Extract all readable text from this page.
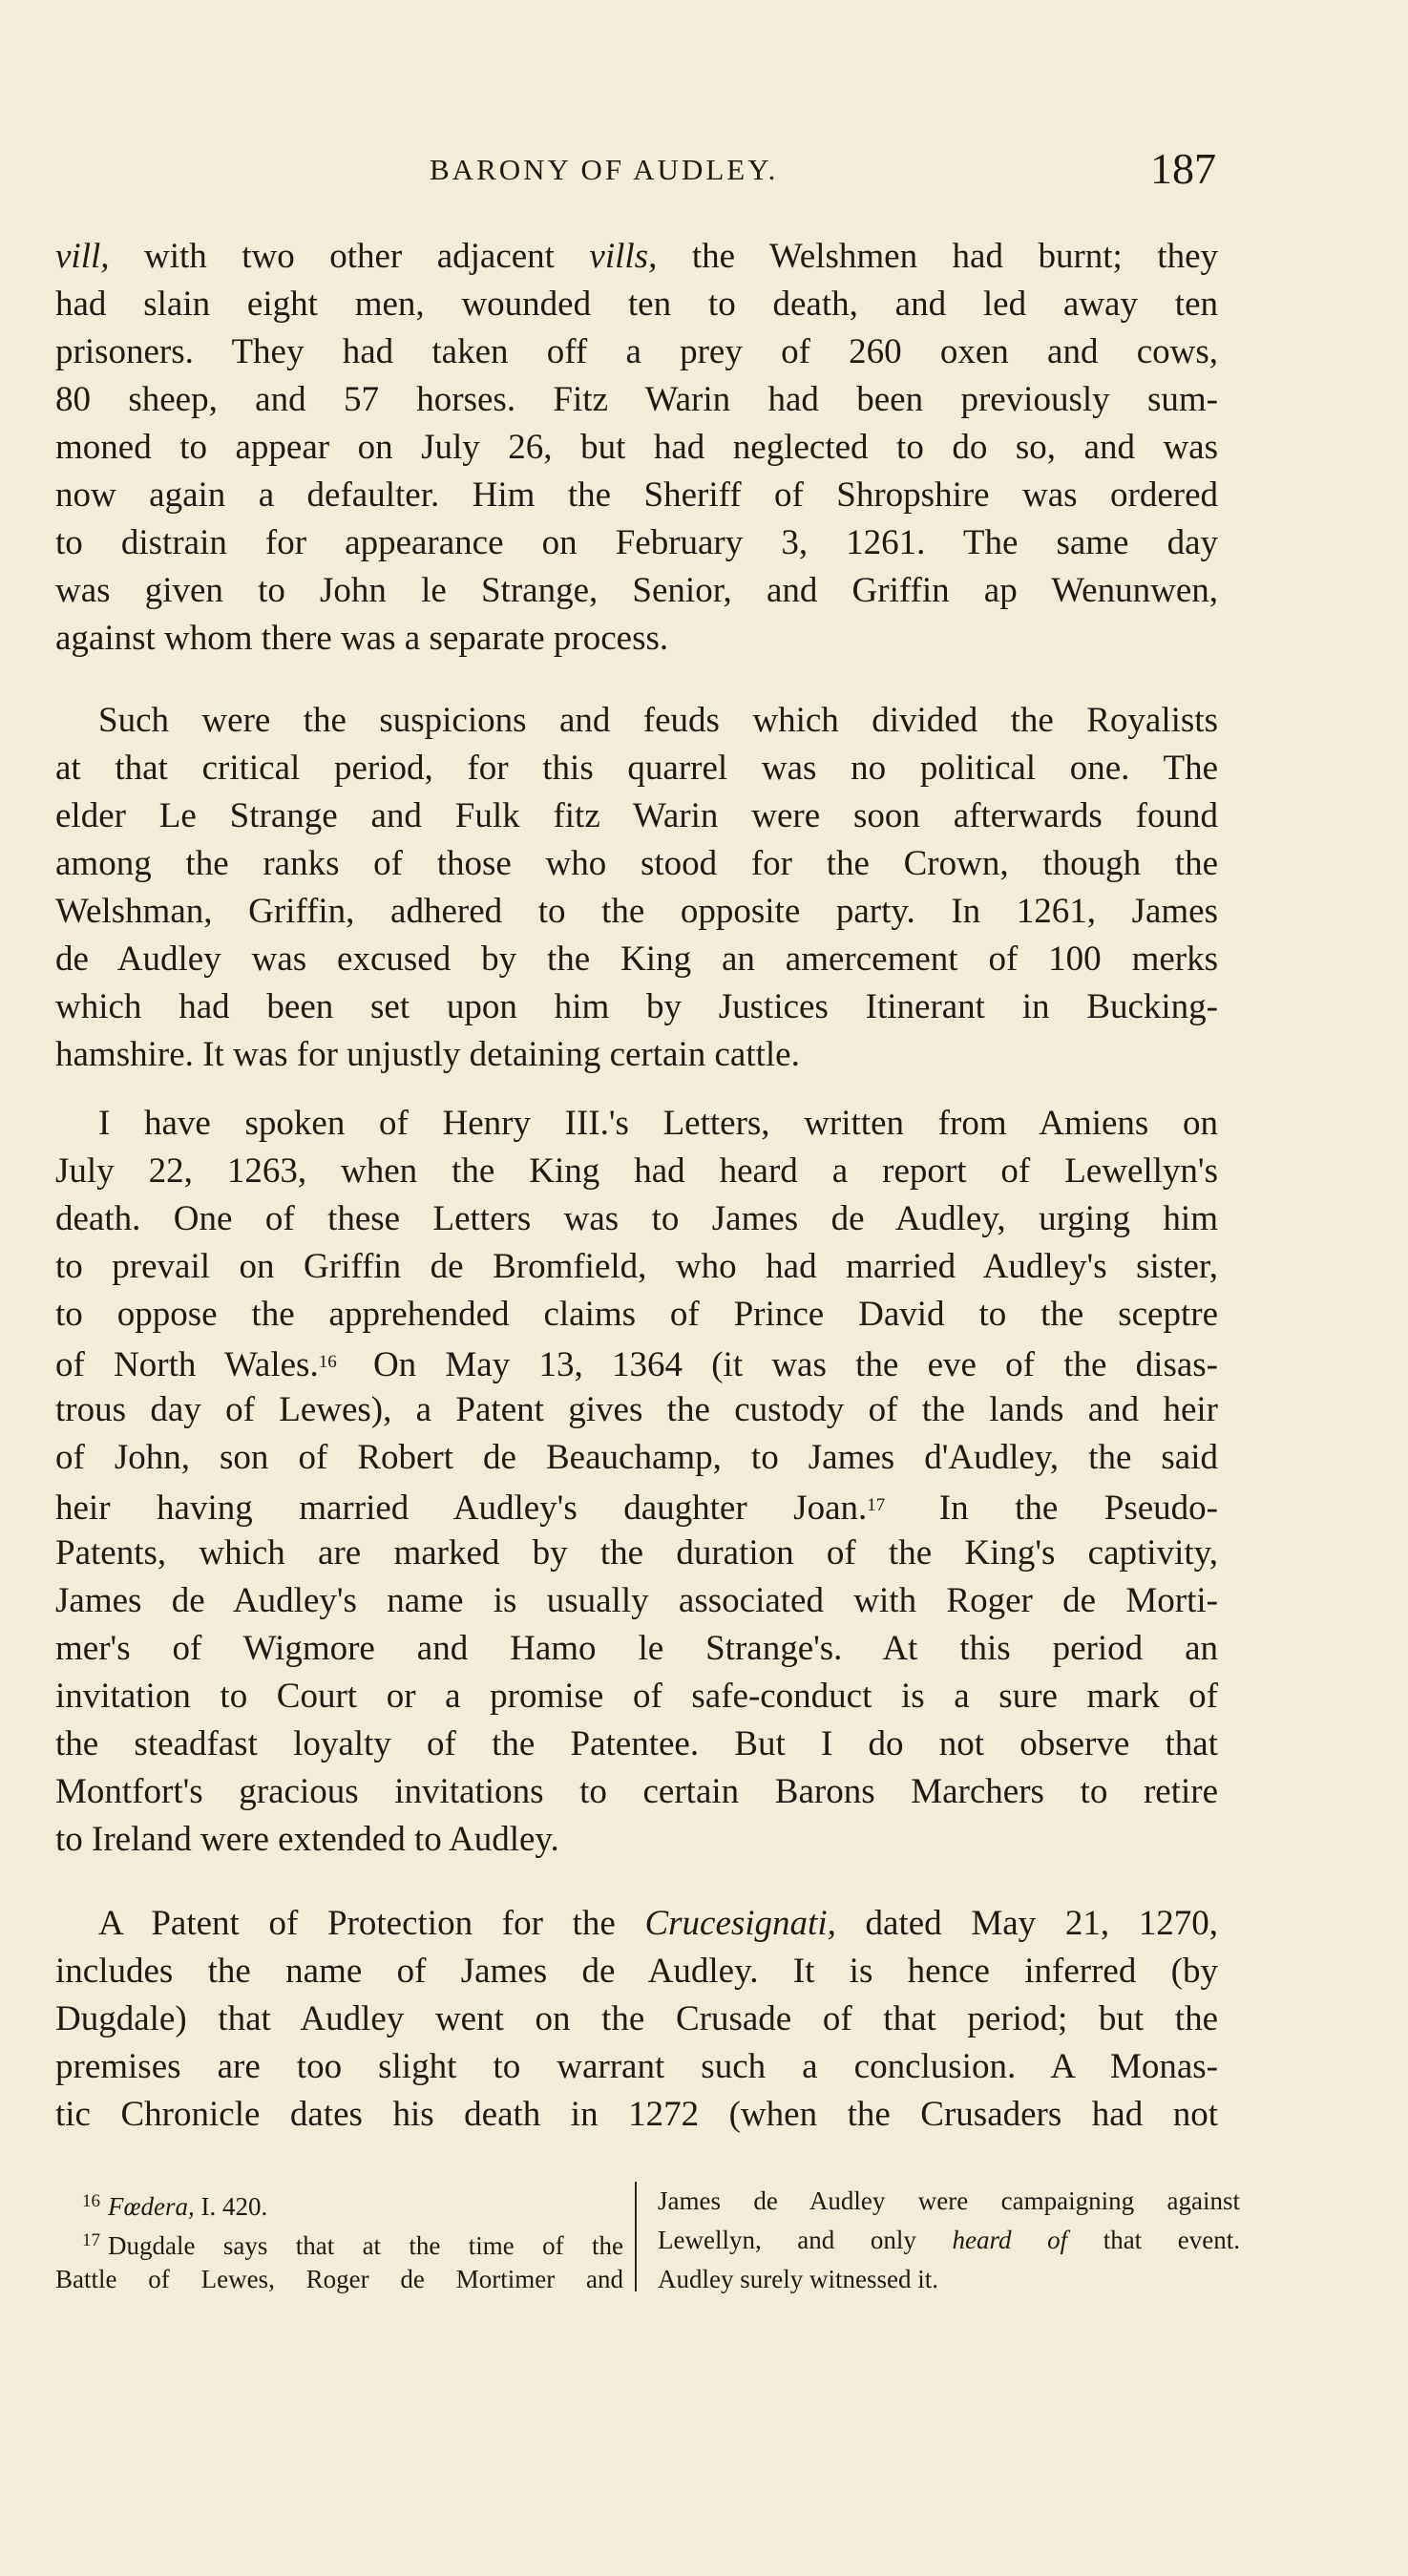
BARONY OF AUDLEY.	187
vill, with two other adjacent vills, the Welshmen had burnt; they
had slain eight men, wounded ten to death, and led away ten
prisoners. They had taken off a prey of 260 oxen and cows,
80 sheep, and 57 horses. Fitz Warin had been previously sum-
moned to appear on July 26, but had neglected to do so, and was
now again a defaulter. Him the Sheriff of Shropshire was ordered
to distrain for appearance on February 3, 1261. The same day
was given to John le Strange, Senior, and Griffin ap Wenunwen,
against whom there was a separate process.
Such were the suspicions and feuds which divided the Royalists
at that critical period, for this quarrel was no political one. The
elder Le Strange and Fulk fitz Warin were soon afterwards found
among the ranks of those who stood for the Crown, though the
Welshman, Griffin, adhered to the opposite party. In 1261, James
de Audley was excused by the King an amercement of 100 merks
which had been set upon him by Justices Itinerant in Bucking-
hamshire. It was for unjustly detaining certain cattle.
I have spoken of Henry III.'s Letters, written from Amiens on
July 22, 1263, when the King had heard a report of Lewellyn's
death. One of these Letters was to James de Audley, urging him
to prevail on Griffin de Bromfield, who had married Audley's sister,
to oppose the apprehended claims of Prince David to the sceptre
of North Wales.$^{16}$ On May 13, 1364 (it was the eve of the disas-
trous day of Lewes), a Patent gives the custody of the lands and heir
of John, son of Robert de Beauchamp, to James d'Audley, the said
heir having married Audley's daughter Joan.$^{17}$ In the Pseudo-
Patents, which are marked by the duration of the King's captivity,
James de Audley's name is usually associated with Roger de Morti-
mer's of Wigmore and Hamo le Strange's. At this period an
invitation to Court or a promise of safe-conduct is a sure mark of
the steadfast loyalty of the Patentee. But I do not observe that
Montfort's gracious invitations to certain Barons Marchers to retire
to Ireland were extended to Audley.
A Patent of Protection for the Crucesignati, dated May 21, 1270,
includes the name of James de Audley. It is hence inferred (by
Dugdale) that Audley went on the Crusade of that period; but the
premises are too slight to warrant such a conclusion. A Monas-
tic Chronicle dates his death in 1272 (when the Crusaders had not
$^{16}$ Fœdera, I. 420.
$^{17}$ Dugdale says that at the time of the
Battle of Lewes, Roger de Mortimer and
James de Audley were campaigning against
Lewellyn, and only heard of that event.
Audley surely witnessed it.
